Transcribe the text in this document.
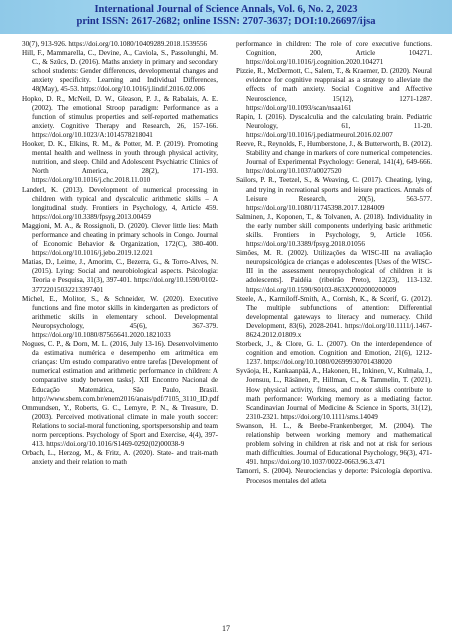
International Journal of Science Annals, Vol. 6, No. 2, 2023
print ISSN: 2617-2682; online ISSN: 2707-3637; DOI:10.26697/ijsa

30(7), 913-926. https://doi.org/10.1080/10409289.2018.1539556

Hill, F., Mammarella, C., Devine, A., Caviola, S., Passolunghi, M. C., & Szűcs, D. (2016). Maths anxiety in primary and secondary school students: Gender differences, developmental changes and anxiety specificity. Learning and Individual Differences, 48(May), 45-53. https://doi.org/10.1016/j.lindif.2016.02.006

Hopko, D. R., McNeil, D. W., Gleason, P. J., & Rabalais, A. E. (2002). The emotional Stroop paradigm: Performance as a function of stimulus properties and self-reported mathematics anxiety. Cognitive Therapy and Research, 26, 157-166. https://doi.org/10.1023/A:1014578218041

Hooker, D. K., Elkins, R. M., & Potter, M. P. (2019). Promoting mental health and wellness in youth through physical activity, nutrition, and sleep. Child and Adolescent Psychiatric Clinics of North America, 28(2), 171-193. https://doi.org/10.1016/j.chc.2018.11.010

Landerl, K. (2013). Development of numerical processing in children with typical and dyscalculic arithmetic skills – A longitudinal study. Frontiers in Psychology, 4, Article 459. https://doi.org/10.3389/fpsyg.2013.00459

Maggioni, M. A., & Rossignoli, D. (2020). Clever little lies: Math performance and cheating in primary schools in Congo. Journal of Economic Behavior & Organization, 172(C), 380-400. https://doi.org/10.1016/j.jebo.2019.12.021

Matias, D., Leime, J., Amorim, C., Bezerra, G., & Torro-Alves, N. (2015). Lying: Social and neurobiological aspects. Psicologia: Teoria e Pesquisa, 31(3), 397-401. https://doi.org/10.1590/0102-37722015032213397401

Michel, E., Molitor, S., & Schneider, W. (2020). Executive functions and fine motor skills in kindergarten as predictors of arithmetic skills in elementary school. Developmental Neuropsychology, 45(6), 367-379. https://doi.org/10.1080/87565641.2020.1821033

Nogues, C. P., & Dorn, M. L. (2016, July 13-16). Desenvolvimento da estimativa numérica e desempenho em aritmética em crianças: Um estudo comparativo entre tarefas [Development of numerical estimation and arithmetic performance in children: A comparative study between tasks]. XII Encontro Nacional de Educação Matemática, São Paulo, Brasil. http://www.sbem.com.br/enem2016/anais/pdf/7105_3110_ID.pdf

Ommundsen, Y., Roberts, G. C., Lemyre, P. N., & Treasure, D. (2003). Perceived motivational climate in male youth soccer: Relations to social-moral functioning, sportspersonship and team norm perceptions. Psychology of Sport and Exercise, 4(4), 397-413. https://doi.org/10.1016/S1469-0292(02)00038-9

Orbach, L., Herzog, M., & Fritz, A. (2020). State- and trait-math anxiety and their relation to math

performance in children: The role of core executive functions. Cognition, 200, Article 104271. https://doi.org/10.1016/j.cognition.2020.104271

Pizzie, R., McDermott, C., Salem, T., & Kraemer, D. (2020). Neural evidence for cognitive reappraisal as a strategy to alleviate the effects of math anxiety. Social Cognitive and Affective Neuroscience, 15(12), 1271-1287. https://doi.org/10.1093/scan/nsaa161

Rapin, I. (2016). Dyscalculia and the calculating brain. Pediatric Neurology, 61, 11-20. https://doi.org/10.1016/j.pediatrneurol.2016.02.007

Reeve, R., Reynolds, F., Humberstone, J., & Butterworth, B. (2012). Stability and change in markers of core numerical competencies. Journal of Experimental Psychology: General, 141(4), 649-666. https://doi.org/10.1037/a0027520

Sailors, P. R., Teetzel, S., & Weaving, C. (2017). Cheating, lying, and trying in recreational sports and leisure practices. Annals of Leisure Research, 20(5), 563-577. https://doi.org/10.1080/11745398.2017.1284009

Salminen, J., Koponen, T., & Tolvanen, A. (2018). Individuality in the early number skill components underlying basic arithmetic skills. Frontiers in Psychology, 9, Article 1056. https://doi.org/10.3389/fpsyg.2018.01056

Simões, M. R. (2002). Utilizações da WISC-III na avaliação neuropsicológica de crianças e adolescentes [Uses of the WISC-III in the assessment neuropsychological of children it is adolescents]. Paidéia (ribeirão Preto), 12(23), 113-132. https://doi.org/10.1590/S0103-863X2002000200009

Steele, A., Karmiloff-Smith, A., Cornish, K., & Scerif, G. (2012). The multiple subfunctions of attention: Differential developmental gateways to literacy and numeracy. Child Development, 83(6), 2028-2041. https://doi.org/10.1111/j.1467-8624.2012.01809.x

Storbeck, J., & Clore, G. L. (2007). On the interdependence of cognition and emotion. Cognition and Emotion, 21(6), 1212-1237. https://doi.org/10.1080/02699930701438020

Syväoja, H., Kankaanpää, A., Hakonen, H., Inkinen, V., Kulmala, J., Joensuu, L., Räsänen, P., Hillman, C., & Tammelin, T. (2021). How physical activity, fitness, and motor skills contribute to math performance: Working memory as a mediating factor. Scandinavian Journal of Medicine & Science in Sports, 31(12), 2310-2321. https://doi.org/10.1111/sms.14049

Swanson, H. L., & Beebe-Frankenberger, M. (2004). The relationship between working memory and mathematical problem solving in children at risk and not at risk for serious math difficulties. Journal of Educational Psychology, 96(3), 471-491. https://doi.org/10.1037/0022-0663.96.3.471

Tamorri, S. (2004). Neurociencias y deporte: Psicología deportiva. Procesos mentales del atleta

17
